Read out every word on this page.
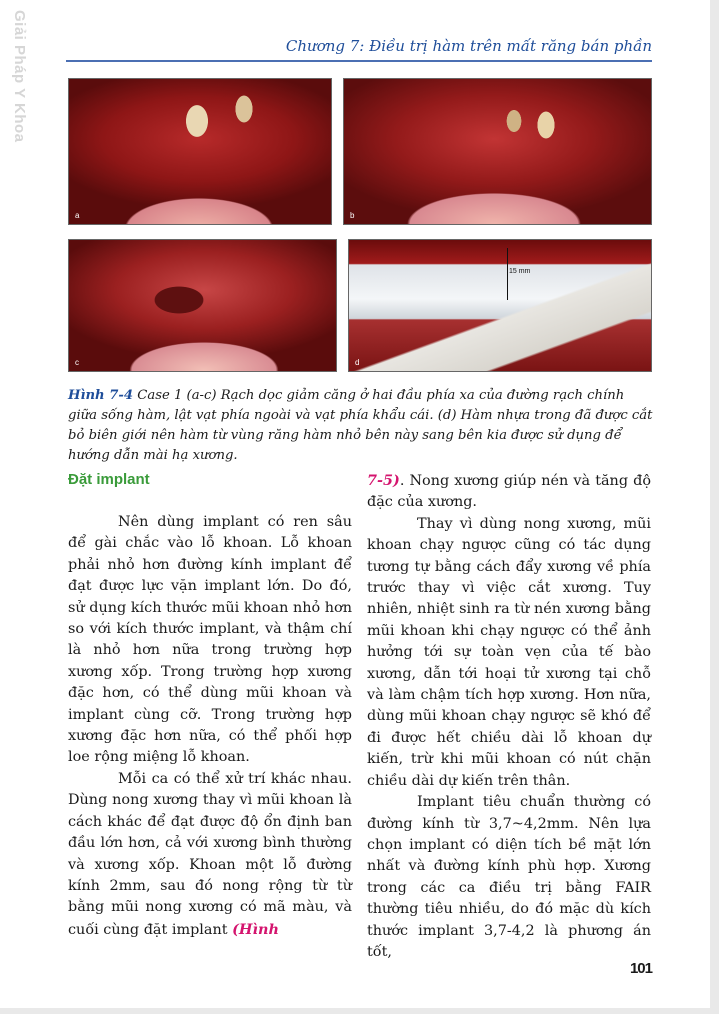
Giải Pháp Y Khoa	Chương 7: Điều trị hàm trên mất răng bán phần
a	b
c
15 mm
d
Hình 7-4 Case 1 (a-c) Rạch dọc giảm căng ở hai đầu phía xa của đường rạch chính giữa sống hàm, lật vạt phía ngoài và vạt phía khẩu cái. (d) Hàm nhựa trong đã được cắt bỏ biên giới nên hàm từ vùng răng hàm nhỏ bên này sang bên kia được sử dụng để hướng dẫn mài hạ xương.
Đặt implant

Nên dùng implant có ren sâu để gài chắc vào lỗ khoan. Lỗ khoan phải nhỏ hơn đường kính implant để đạt được lực vặn implant lớn. Do đó, sử dụng kích thước mũi khoan nhỏ hơn so với kích thước implant, và thậm chí là nhỏ hơn nữa trong trường hợp xương xốp. Trong trường hợp xương đặc hơn, có thể dùng mũi khoan và implant cùng cỡ. Trong trường hợp xương đặc hơn nữa, có thể phối hợp loe rộng miệng lỗ khoan.

Mỗi ca có thể xử trí khác nhau. Dùng nong xương thay vì mũi khoan là cách khác để đạt được độ ổn định ban đầu lớn hơn, cả với xương bình thường và xương xốp. Khoan một lỗ đường kính 2mm, sau đó nong rộng từ từ bằng mũi nong xương có mã màu, và cuối cùng đặt implant (Hình

7-5). Nong xương giúp nén và tăng độ đặc của xương.

Thay vì dùng nong xương, mũi khoan chạy ngược cũng có tác dụng tương tự bằng cách đẩy xương về phía trước thay vì việc cắt xương. Tuy nhiên, nhiệt sinh ra từ nén xương bằng mũi khoan khi chạy ngược có thể ảnh hưởng tới sự toàn vẹn của tế bào xương, dẫn tới hoại tử xương tại chỗ và làm chậm tích hợp xương. Hơn nữa, dùng mũi khoan chạy ngược sẽ khó để đi được hết chiều dài lỗ khoan dự kiến, trừ khi mũi khoan có nút chặn chiều dài dự kiến trên thân.

Implant tiêu chuẩn thường có đường kính từ 3,7~4,2mm. Nên lựa chọn implant có diện tích bề mặt lớn nhất và đường kính phù hợp. Xương trong các ca điều trị bằng FAIR thường tiêu nhiều, do đó mặc dù kích thước implant 3,7-4,2 là phương án tốt,

101
